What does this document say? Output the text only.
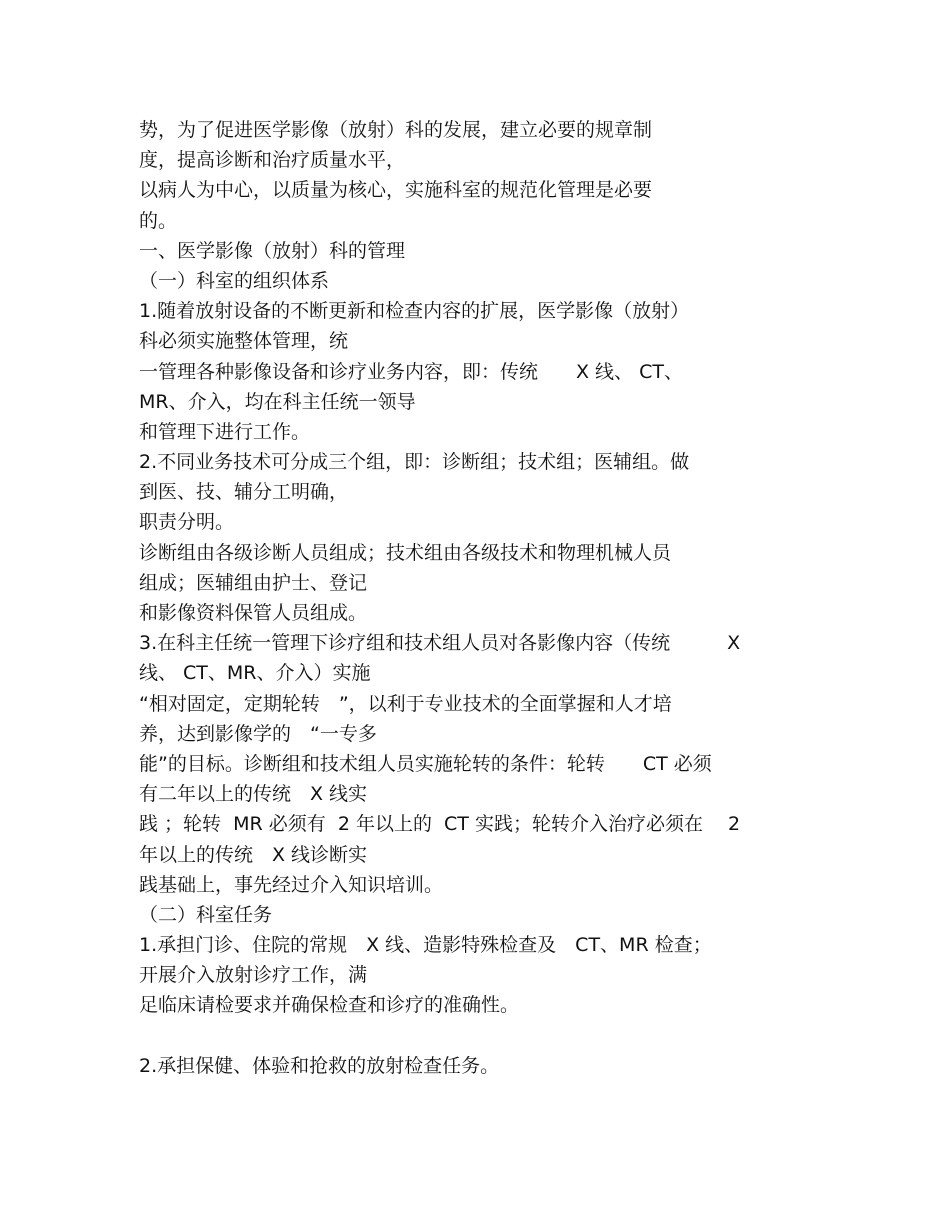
势，为了促进医学影像（放射）科的发展，建立必要的规章制
度，提高诊断和治疗质量水平，
以病人为中心，以质量为核心，实施科室的规范化管理是必要
的。
一、医学影像（放射）科的管理
（一）科室的组织体系
1.随着放射设备的不断更新和检查内容的扩展，医学影像（放射）
科必须实施整体管理，统
一管理各种影像设备和诊疗业务内容，即：传统　　X 线、 CT、
MR、介入，均在科主任统一领导
和管理下进行工作。
2.不同业务技术可分成三个组，即：诊断组；技术组；医辅组。做
到医、技、辅分工明确，
职责分明。
诊断组由各级诊断人员组成；技术组由各级技术和物理机械人员
组成；医辅组由护士、登记
和影像资料保管人员组成。
3.在科主任统一管理下诊疗组和技术组人员对各影像内容（传统　　　X
线、 CT、MR、介入）实施
“相对固定，定期轮转　”，以利于专业技术的全面掌握和人才培
养，达到影像学的　“一专多
能”的目标。诊断组和技术组人员实施轮转的条件：轮转　　CT 必须
有二年以上的传统　X 线实
践 ；轮转  MR 必须有  2 年以上的  CT 实践；轮转介入治疗必须在　 2
年以上的传统　X 线诊断实
践基础上，事先经过介入知识培训。
（二）科室任务
1.承担门诊、住院的常规　X 线、造影特殊检查及　CT、MR 检查；
开展介入放射诊疗工作，满
足临床请检要求并确保检查和诊疗的准确性。
2.承担保健、体验和抢救的放射检查任务。
